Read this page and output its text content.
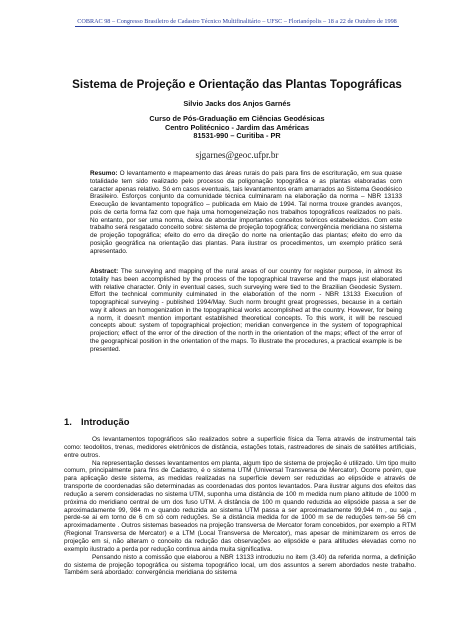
COBRAC 98 – Congresso Brasileiro de Cadastro Técnico Multifinalitário – UFSC – Florianópolis – 18 a 22 de Outubro de 1998
Sistema de Projeção e Orientação das Plantas Topográficas
Silvio Jacks dos Anjos Garnés
Curso de Pós-Graduação em Ciências Geodésicas
Centro Politécnico - Jardim das Américas
81531-990 – Curitiba - PR
sjgarnes@geoc.ufpr.br
Resumo: O levantamento e mapeamento das áreas rurais do país para fins de escrituração, em sua quase totalidade tem sido realizado pelo processo da poligonação topográfica e as plantas elaboradas com caracter apenas relativo. Só em casos eventuais, tais levantamentos eram amarrados ao Sistema Geodésico Brasileiro. Esforços conjunto da comunidade técnica culminaram na elaboração da norma – NBR 13133 Execução de levantamento topográfico – publicada em Maio de 1994. Tal norma trouxe grandes avanços, pois de certa forma faz com que haja uma homogeneização nos trabalhos topográficos realizados no país. No entanto, por ser uma norma, deixa de abordar importantes conceitos teóricos estabelecidos. Com este trabalho será resgatado conceito sobre: sistema de projeção topográfica; convergência meridiana no sistema de projeção topográfica; efeito do erro da direção do norte na orientação das plantas; efeito do erro da posição geográfica na orientação das plantas. Para ilustrar os procedimentos, um exemplo prático será apresentado.
Abstract: The surveying and mapping of the rural areas of our country for register purpose, in almost its totality has been accomplished by the process of the topographical traverse and the maps just elaborated with relative character. Only in eventual cases, such surveying were tied to the Brazilian Geodesic System. Effort the technical community culminated in the elaboration of the norm - NBR 13133 Execution of topographical surveying - published 1994/May. Such norm brought great progresses, because in a certain way it allows an homogenization in the topographical works accomplished at the country. However, for being a norm, it doesn't mention important established theoretical concepts. To this work, it will be rescued concepts about: system of topographical projection; meridian convergence in the system of topographical projection; effect of the error of the direction of the north in the orientation of the maps; effect of the error of the geographical position in the orientation of the maps. To illustrate the procedures, a practical example is be presented.
1. Introdução

Os levantamentos topográficos são realizados sobre a superfície física da Terra através de instrumental tais como: teodolitos, trenas, medidores eletrônicos de distância, estações totais, rastreadores de sinais de satélites artificiais, entre outros.

Na representação desses levantamentos em planta, algum tipo de sistema de projeção é utilizado. Um tipo muito comum, principalmente para fins de Cadastro, é o sistema UTM (Universal Transversa de Mercator). Ocorre porém, que para aplicação deste sistema, as medidas realizadas na superfície devem ser reduzidas ao elipsóide e através de transporte de coordenadas são determinadas as coordenadas dos pontos levantados. Para ilustrar alguns dos efeitos das redução a serem consideradas no sistema UTM, suponha uma distância de 100 m medida num plano altitude de 1000 m próxima do meridiano central de um dos fuso UTM. A distância de 100 m quando reduzida ao elipsóide passa a ser de aproximadamente 99, 984 m e quando reduzida ao sistema UTM passa a ser aproximadamente 99,944 m , ou seja , perde-se ai em torno de 6 cm só com reduções. Se a distância medida for de 1000 m se de reduções tem-se 56 cm aproximadamente . Outros sistemas baseados na projeção transversa de Mercator foram concebidos, por exemplo a RTM (Regional Transversa de Mercator) e a LTM (Local Transversa de Mercator), mas apesar de minimizarem os erros de projeção em si, não alteram o conceito da redução das observações ao elipsóide e para altitudes elevadas como no exemplo ilustrado a perda por redução continua ainda muita significativa.

Pensando nisto a comissão que elaborou a NBR 13133 introduziu no item (3.40) da referida norma, a definição do sistema de projeção topográfica ou sistema topográfico local, um dos assuntos a serem abordados neste trabalho. Também será abordado: convergência meridiana do sistema
